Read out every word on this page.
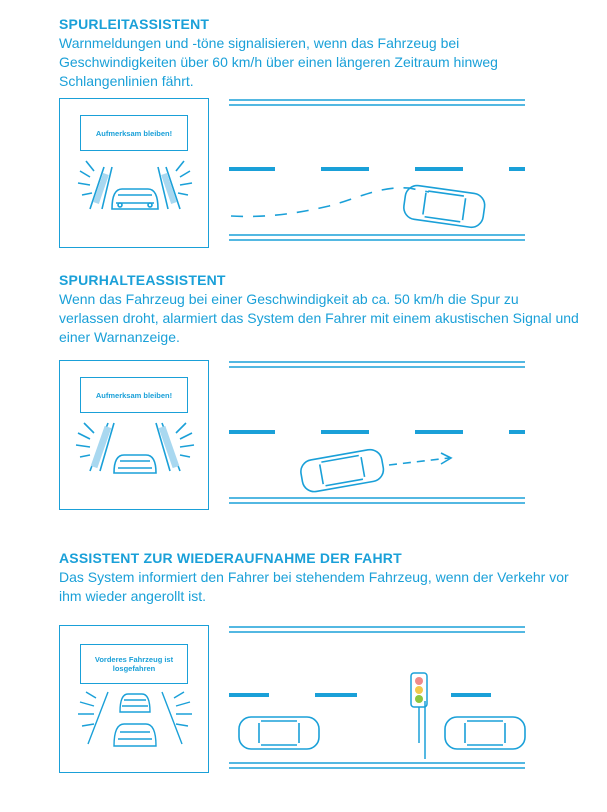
SPURLEITASSISTENT

Warnmeldungen und -töne signalisieren, wenn das Fahrzeug bei Geschwindigkeiten über 60 km/h über einen längeren Zeitraum hinweg Schlangenlinien fährt.

Aufmerksam bleiben!

SPURHALTEASSISTENT

Wenn das Fahrzeug bei einer Geschwindigkeit ab ca. 50 km/h die Spur zu verlassen droht, alarmiert das System den Fahrer mit einem akustischen Signal und einer Warnanzeige.

Aufmerksam bleiben!

ASSISTENT ZUR WIEDERAUFNAHME DER FAHRT

Das System informiert den Fahrer bei stehendem Fahrzeug, wenn der Verkehr vor ihm wieder angerollt ist.

Vorderes Fahrzeug ist losgefahren
